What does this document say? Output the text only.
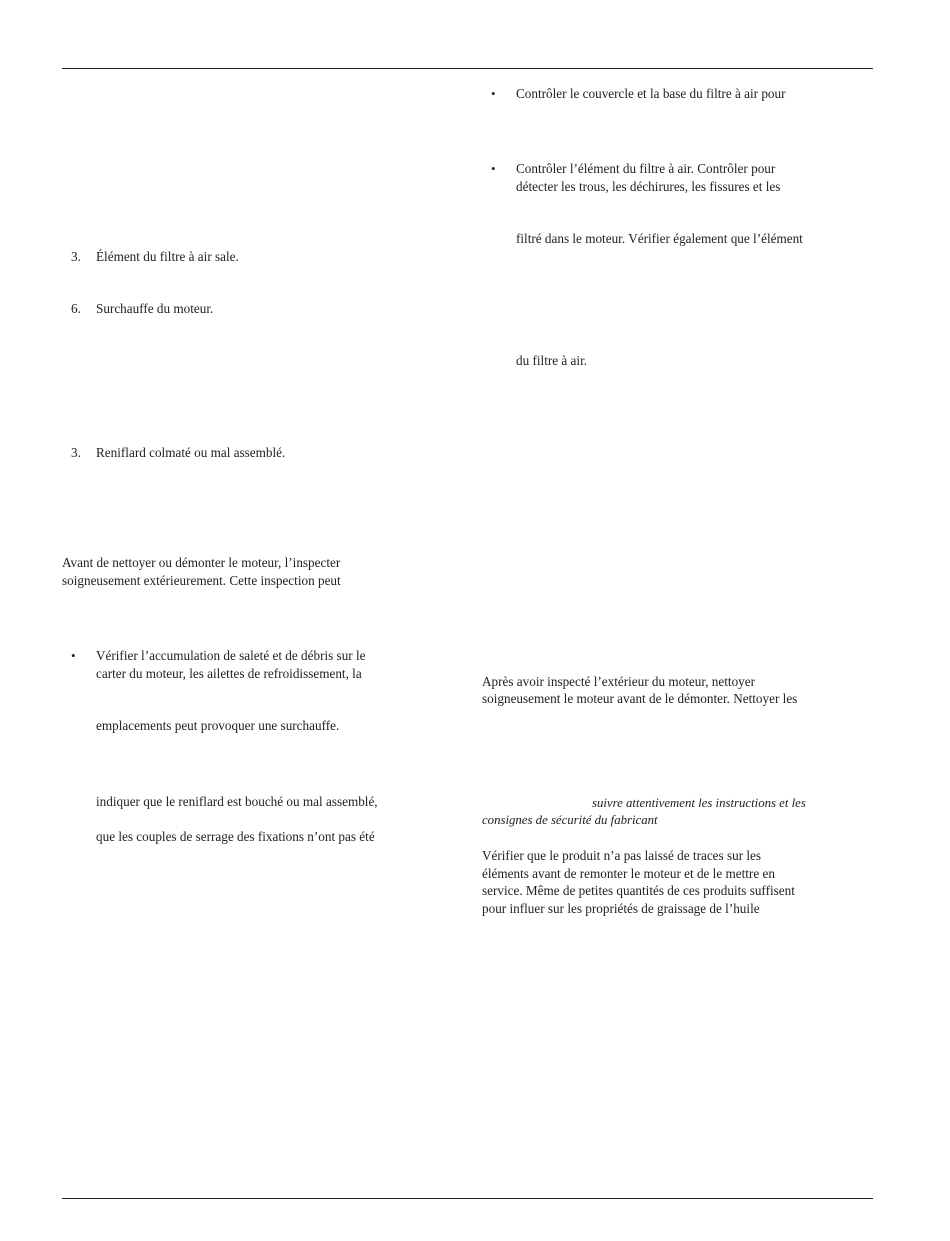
3. Élément du filtre à air sale.
6. Surchauffe du moteur.
3. Reniflard colmaté ou mal assemblé.
Avant de nettoyer ou démonter le moteur, l’inspecter
soigneusement extérieurement. Cette inspection peut
• Vérifier l’accumulation de saleté et de débris sur le
carter du moteur, les ailettes de refroidissement, la
emplacements peut provoquer une surchauffe.
indiquer que le reniflard est bouché ou mal assemblé,
que les couples de serrage des fixations n’ont pas été
• Contrôler le couvercle et la base du filtre à air pour
• Contrôler l’élément du filtre à air. Contrôler pour
détecter les trous, les déchirures, les fissures et les
filtré dans le moteur. Vérifier également que l’élément
du filtre à air.
Après avoir inspecté l’extérieur du moteur, nettoyer
soigneusement le moteur avant de le démonter. Nettoyer les
suivre attentivement les instructions et les
consignes de sécurité du fabricant
Vérifier que le produit n’a pas laissé de traces sur les
éléments avant de remonter le moteur et de le mettre en
service. Même de petites quantités de ces produits suffisent
pour influer sur les propriétés de graissage de l’huile
